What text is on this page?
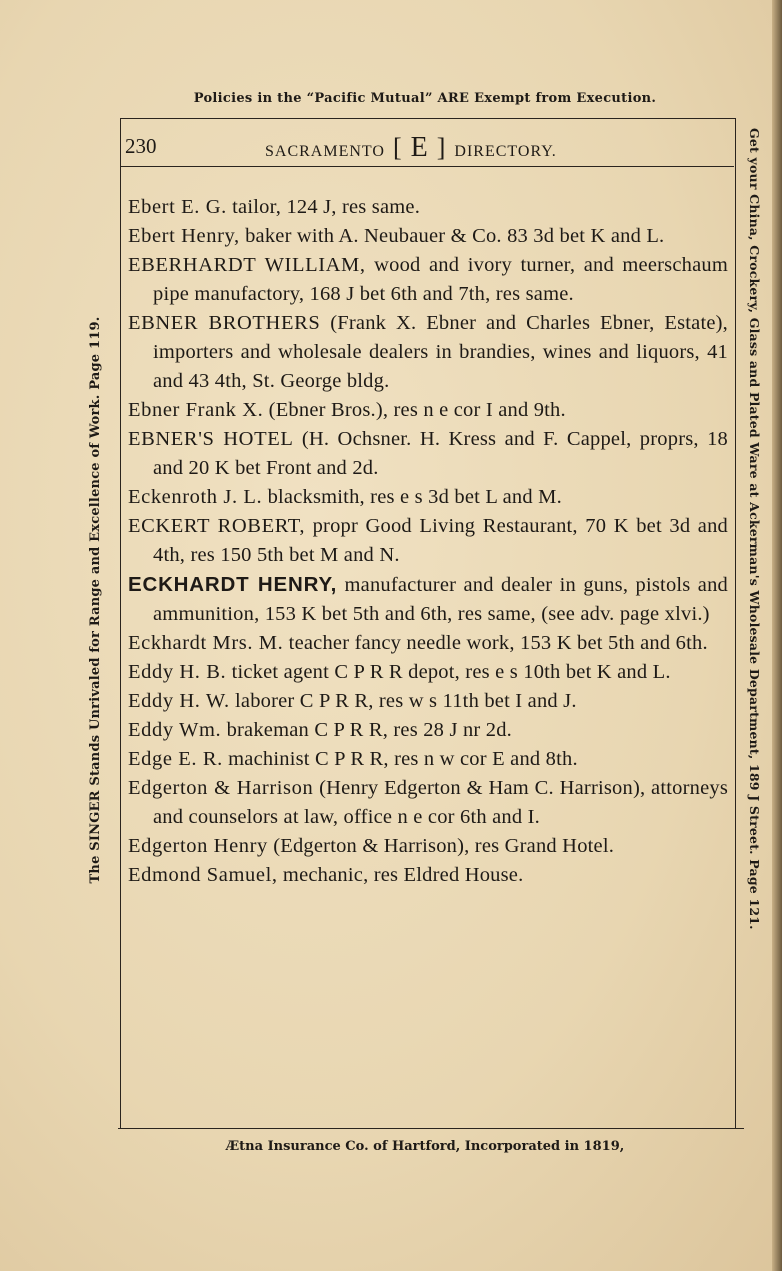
Policies in the “Pacific Mutual” ARE Exempt from Execution.
230	SACRAMENTO [ E ] DIRECTORY.
The SINGER Stands Unrivaled for Range and Excellence of Work. Page 119.	Get your China, Crockery, Glass and Plated Ware at Ackerman's Wholesale Department, 189 J Street. Page 121.
Ebert E. G. tailor, 124 J, res same.
Ebert Henry, baker with A. Neubauer & Co. 83 3d bet K and L.
EBERHARDT WILLIAM, wood and ivory turner, and meerschaum pipe manufactory, 168 J bet 6th and 7th, res same.
EBNER BROTHERS (Frank X. Ebner and Charles Ebner, Estate), importers and wholesale dealers in brandies, wines and liquors, 41 and 43 4th, St. George bldg.
Ebner Frank X. (Ebner Bros.), res n e cor I and 9th.
EBNER'S HOTEL (H. Ochsner. H. Kress and F. Cappel, proprs, 18 and 20 K bet Front and 2d.
Eckenroth J. L. blacksmith, res e s 3d bet L and M.
ECKERT ROBERT, propr Good Living Restaurant, 70 K bet 3d and 4th, res 150 5th bet M and N.
ECKHARDT HENRY, manufacturer and dealer in guns, pistols and ammunition, 153 K bet 5th and 6th, res same, (see adv. page xlvi.)
Eckhardt Mrs. M. teacher fancy needle work, 153 K bet 5th and 6th.
Eddy H. B. ticket agent C P R R depot, res e s 10th bet K and L.
Eddy H. W. laborer C P R R, res w s 11th bet I and J.
Eddy Wm. brakeman C P R R, res 28 J nr 2d.
Edge E. R. machinist C P R R, res n w cor E and 8th.
Edgerton & Harrison (Henry Edgerton & Ham C. Harrison), attorneys and counselors at law, office n e cor 6th and I.
Edgerton Henry (Edgerton & Harrison), res Grand Hotel.
Edmond Samuel, mechanic, res Eldred House.
Ætna Insurance Co. of Hartford, Incorporated in 1819,
